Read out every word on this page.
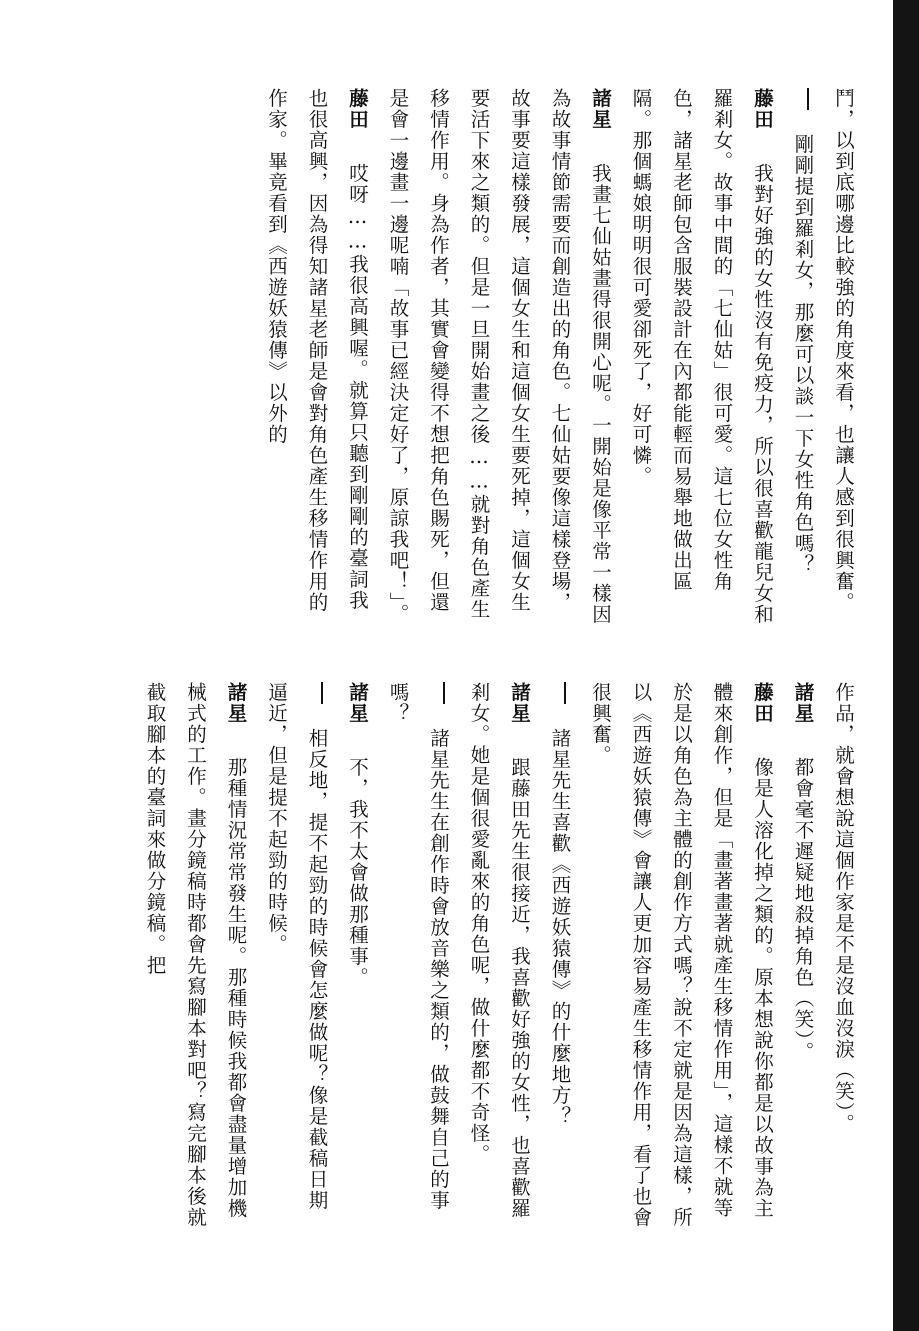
鬥，以到底哪邊比較強的角度來看，也讓人感到很興奮。
剛剛提到羅剎女，那麼可以談一下女性角色嗎？
藤田　我對好強的女性沒有免疫力，所以很喜歡龍兒女和羅剎女。故事中間的「七仙姑」很可愛。這七位女性角色，諸星老師包含服裝設計在內都能輕而易舉地做出區隔。那個螞娘明明很可愛卻死了，好可憐。
諸星　我畫七仙姑畫得很開心呢。一開始是像平常一樣因為故事情節需要而創造出的角色。七仙姑要像這樣登場，故事要這樣發展，這個女生和這個女生要死掉，這個女生要活下來之類的。但是一旦開始畫之後……就對角色產生移情作用。身為作者，其實會變得不想把角色賜死，但還是會一邊畫一邊呢喃「故事已經決定好了，原諒我吧！」。
藤田　哎呀……我很高興喔。就算只聽到剛剛的臺詞我也很高興，因為得知諸星老師是會對角色產生移情作用的作家。畢竟看到《西遊妖猿傳》以外的
作品，就會想說這個作家是不是沒血沒淚（笑）。
諸星　都會毫不遲疑地殺掉角色（笑）。
藤田　像是人溶化掉之類的。原本想說你都是以故事為主體來創作，但是「畫著畫著就產生移情作用」，這樣不就等於是以角色為主體的創作方式嗎？說不定就是因為這樣，所以《西遊妖猿傳》會讓人更加容易產生移情作用，看了也會很興奮。
諸星先生喜歡《西遊妖猿傳》的什麼地方？
諸星　跟藤田先生很接近，我喜歡好強的女性，也喜歡羅剎女。她是個很愛亂來的角色呢，做什麼都不奇怪。
諸星先生在創作時會放音樂之類的，做鼓舞自己的事嗎？
諸星　不，我不太會做那種事。
相反地，提不起勁的時候會怎麼做呢？像是截稿日期逼近，但是提不起勁的時候。
諸星　那種情況常常發生呢。那種時候我都會盡量增加機械式的工作。畫分鏡稿時都會先寫腳本對吧？寫完腳本後就截取腳本的臺詞來做分鏡稿。把
